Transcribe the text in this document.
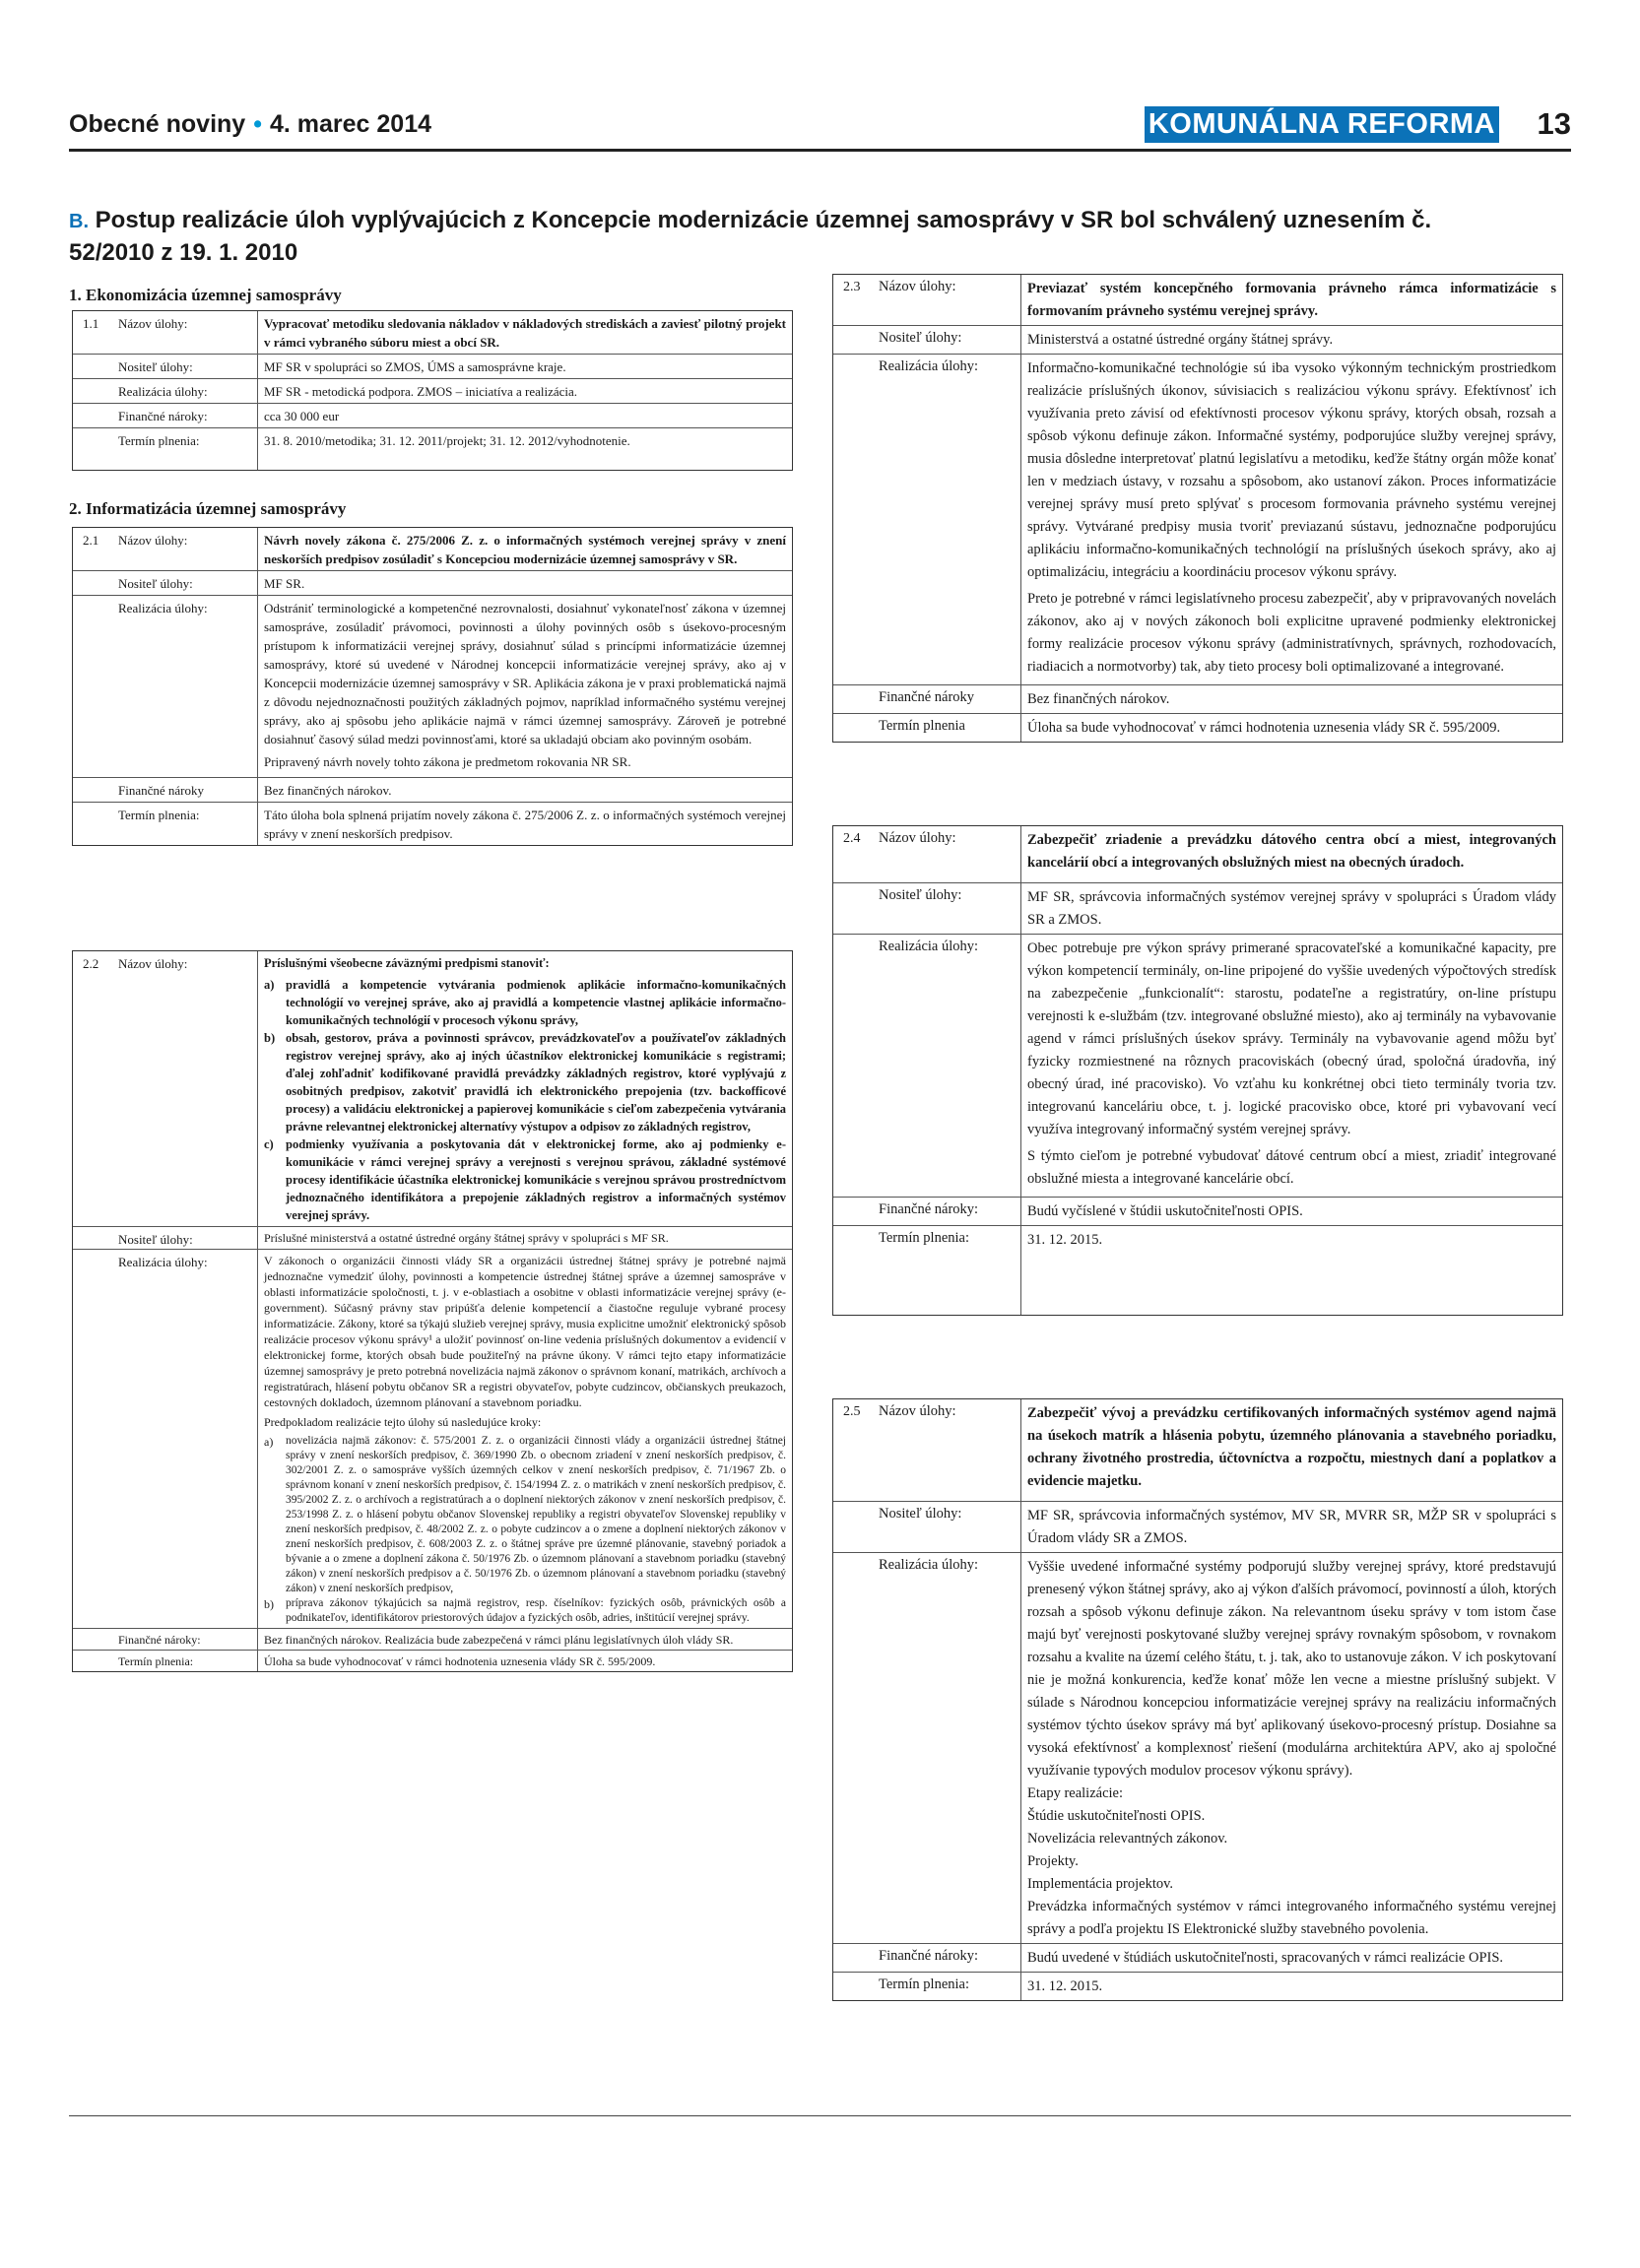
Obecné noviny • 4. marec 2014	KOMUNÁLNA REFORMA 13
B. Postup realizácie úloh vyplývajúcich z Koncepcie modernizácie územnej samosprávy v SR bol schválený uznesením č. 52/2010 z 19. 1. 2010
1. Ekonomizácia územnej samosprávy
1.1	Názov úlohy:	Vypracovať metodiku sledovania nákladov v nákladových strediskách a zaviesť pilotný projekt v rámci vybraného súboru miest a obcí SR.
Nositeľ úlohy:	MF SR v spolupráci so ZMOS, ÚMS a samosprávne kraje.
Realizácia úlohy:	MF SR - metodická podpora. ZMOS – iniciatíva a realizácia.
Finančné nároky:	cca 30 000 eur
Termín plnenia:	31. 8. 2010/metodika; 31. 12. 2011/projekt; 31. 12. 2012/vyhodnotenie.
2. Informatizácia územnej samosprávy
2.1	Názov úlohy:	Návrh novely zákona č. 275/2006 Z. z. o informačných systémoch verejnej správy v znení neskorších predpisov zosúladiť s Koncepciou modernizácie územnej samosprávy v SR.
Nositeľ úlohy:	MF SR.
Realizácia úlohy:	Odstrániť terminologické a kompetenčné nezrovnalosti, dosiahnuť vykonateľnosť zákona v územnej samospráve, zosúladiť právomoci, povinnosti a úlohy povinných osôb s úsekovo-procesným prístupom k informatizácii verejnej správy, dosiahnuť súlad s princípmi informatizácie územnej samosprávy, ktoré sú uvedené v Národnej koncepcii informatizácie verejnej správy, ako aj v Koncepcii modernizácie územnej samosprávy v SR. Aplikácia zákona je v praxi problematická najmä z dôvodu nejednoznačnosti použitých základných pojmov, napríklad informačného systému verejnej správy, ako aj spôsobu jeho aplikácie najmä v rámci územnej samosprávy. Zároveň je potrebné dosiahnuť časový súlad medzi povinnosťami, ktoré sa ukladajú obciam ako povinným osobám.

Pripravený návrh novely tohto zákona je predmetom rokovania NR SR.

Finančné nároky	Bez finančných nárokov.
Termín plnenia:	Táto úloha bola splnená prijatím novely zákona č. 275/2006 Z. z. o informačných systémoch verejnej správy v znení neskorších predpisov.
2.2	Názov úlohy:	Príslušnými všeobecne záväznými predpismi stanoviť:

a) pravidlá a kompetencie vytvárania podmienok aplikácie informačno-komunikačných technológií vo verejnej správe, ako aj pravidlá a kompetencie vlastnej aplikácie informačno-komunikačných technológií v procesoch výkonu správy,
b) obsah, gestorov, práva a povinnosti správcov, prevádzkovateľov a používateľov základných registrov verejnej správy, ako aj iných účastníkov elektronickej komunikácie s registrami; ďalej zohľadniť kodifikované pravidlá prevádzky základných registrov, ktoré vyplývajú z osobitných predpisov, zakotviť pravidlá ich elektronického prepojenia (tzv. backofficové procesy) a validáciu elektronickej a papierovej komunikácie s cieľom zabezpečenia vytvárania právne relevantnej elektronickej alternatívy výstupov a odpisov zo základných registrov,
c) podmienky využívania a poskytovania dát v elektronickej forme, ako aj podmienky e-komunikácie v rámci verejnej správy a verejnosti s verejnou správou, základné systémové procesy identifikácie účastníka elektronickej komunikácie s verejnou správou prostredníctvom jednoznačného identifikátora a prepojenie základných registrov a informačných systémov verejnej správy.
Nositeľ úlohy:	Príslušné ministerstvá a ostatné ústredné orgány štátnej správy v spolupráci s MF SR.
Realizácia úlohy:	V zákonoch o organizácii činnosti vlády SR a organizácii ústrednej štátnej správy je potrebné najmä jednoznačne vymedziť úlohy, povinnosti a kompetencie ústrednej štátnej správe a územnej samospráve v oblasti informatizácie spoločnosti, t. j. v e-oblastiach a osobitne v oblasti informatizácie verejnej správy (e-government). Súčasný právny stav pripúšťa delenie kompetencií a čiastočne reguluje vybrané procesy informatizácie. Zákony, ktoré sa týkajú služieb verejnej správy, musia explicitne umožniť elektronický spôsob realizácie procesov výkonu správy¹ a uložiť povinnosť on-line vedenia príslušných dokumentov a evidencií v elektronickej forme, ktorých obsah bude použiteľný na právne úkony. V rámci tejto etapy informatizácie územnej samosprávy je preto potrebná novelizácia najmä zákonov o správnom konaní, matrikách, archívoch a registratúrach, hlásení pobytu občanov SR a registri obyvateľov, pobyte cudzincov, občianskych preukazoch, cestovných dokladoch, územnom plánovaní a stavebnom poriadku.

Predpokladom realizácie tejto úlohy sú nasledujúce kroky:

a)	novelizácia najmä zákonov: č. 575/2001 Z. z. o organizácii činnosti vlády a organizácii ústrednej štátnej správy v znení neskorších predpisov, č. 369/1990 Zb. o obecnom zriadení v znení neskorších predpisov, č. 302/2001 Z. z. o samospráve vyšších územných celkov v znení neskorších predpisov, č. 71/1967 Zb. o správnom konaní v znení neskorších predpisov, č. 154/1994 Z. z. o matrikách v znení neskorších predpisov, č. 395/2002 Z. z. o archívoch a registratúrach a o doplnení niektorých zákonov v znení neskorších predpisov, č. 253/1998 Z. z. o hlásení pobytu občanov Slovenskej republiky a registri obyvateľov Slovenskej republiky v znení neskorších predpisov, č. 48/2002 Z. z. o pobyte cudzincov a o zmene a doplnení niektorých zákonov v znení neskorších predpisov, č. 608/2003 Z. z. o štátnej správe pre územné plánovanie, stavebný poriadok a bývanie a o zmene a doplnení zákona č. 50/1976 Zb. o územnom plánovaní a stavebnom poriadku (stavebný zákon) v znení neskorších predpisov a č. 50/1976 Zb. o územnom plánovaní a stavebnom poriadku (stavebný zákon) v znení neskorších predpisov,
b)	príprava zákonov týkajúcich sa najmä registrov, resp. číselníkov: fyzických osôb, právnických osôb a podnikateľov, identifikátorov priestorových údajov a fyzických osôb, adries, inštitúcií verejnej správy.
Finančné nároky:	Bez finančných nárokov. Realizácia bude zabezpečená v rámci plánu legislatívnych úloh vlády SR.
Termín plnenia:	Úloha sa bude vyhodnocovať v rámci hodnotenia uznesenia vlády SR č. 595/2009.
2.3	Názov úlohy:	Previazať systém koncepčného formovania právneho rámca informatizácie s formovaním právneho systému verejnej správy.
Nositeľ úlohy:	Ministerstvá a ostatné ústredné orgány štátnej správy.
Realizácia úlohy:	Informačno-komunikačné technológie sú iba vysoko výkonným technickým prostriedkom realizácie príslušných úkonov, súvisiacich s realizáciou výkonu správy. Efektívnosť ich využívania preto závisí od efektívnosti procesov výkonu správy, ktorých obsah, rozsah a spôsob výkonu definuje zákon. Informačné systémy, podporujúce služby verejnej správy, musia dôsledne interpretovať platnú legislatívu a metodiku, keďže štátny orgán môže konať len v medziach ústavy, v rozsahu a spôsobom, ako ustanoví zákon. Proces informatizácie verejnej správy musí preto splývať s procesom formovania právneho systému verejnej správy. Vytvárané predpisy musia tvoriť previazanú sústavu, jednoznačne podporujúcu aplikáciu informačno-komunikačných technológií na príslušných úsekoch správy, ako aj optimalizáciu, integráciu a koordináciu procesov výkonu správy.

Preto je potrebné v rámci legislatívneho procesu zabezpečiť, aby v pripravovaných novelách zákonov, ako aj v nových zákonoch boli explicitne upravené podmienky elektronickej formy realizácie procesov výkonu správy (administratívnych, správnych, rozhodovacích, riadiacich a normotvorby) tak, aby tieto procesy boli optimalizované a integrované.

Finančné nároky	Bez finančných nárokov.
Termín plnenia	Úloha sa bude vyhodnocovať v rámci hodnotenia uznesenia vlády SR č. 595/2009.
2.4	Názov úlohy:	Zabezpečiť zriadenie a prevádzku dátového centra obcí a miest, integrovaných kancelárií obcí a integrovaných obslužných miest na obecných úradoch.
Nositeľ úlohy:	MF SR, správcovia informačných systémov verejnej správy v spolupráci s Úradom vlády SR a ZMOS.
Realizácia úlohy:	Obec potrebuje pre výkon správy primerané spracovateľské a komunikačné kapacity, pre výkon kompetencií terminály, on-line pripojené do vyššie uvedených výpočtových stredísk na zabezpečenie „funkcionalít“: starostu, podateľne a registratúry, on-line prístupu verejnosti k e-službám (tzv. integrované obslužné miesto), ako aj terminály na vybavovanie agend v rámci príslušných úsekov správy. Terminály na vybavovanie agend môžu byť fyzicky rozmiestnené na rôznych pracoviskách (obecný úrad, spoločná úradovňa, iný obecný úrad, iné pracovisko). Vo vzťahu ku konkrétnej obci tieto terminály tvoria tzv. integrovanú kanceláriu obce, t. j. logické pracovisko obce, ktoré pri vybavovaní vecí využíva integrovaný informačný systém verejnej správy.

S týmto cieľom je potrebné vybudovať dátové centrum obcí a miest, zriadiť integrované obslužné miesta a integrované kancelárie obcí.

Finančné nároky:	Budú vyčíslené v štúdii uskutočniteľnosti OPIS.
Termín plnenia:	31. 12. 2015.
2.5	Názov úlohy:	Zabezpečiť vývoj a prevádzku certifikovaných informačných systémov agend najmä na úsekoch matrík a hlásenia pobytu, územného plánovania a stavebného poriadku, ochrany životného prostredia, účtovníctva a rozpočtu, miestnych daní a poplatkov a evidencie majetku.
Nositeľ úlohy:	MF SR, správcovia informačných systémov, MV SR, MVRR SR, MŽP SR v spolupráci s Úradom vlády SR a ZMOS.
Realizácia úlohy:	Vyššie uvedené informačné systémy podporujú služby verejnej správy, ktoré predstavujú prenesený výkon štátnej správy, ako aj výkon ďalších právomocí, povinností a úloh, ktorých rozsah a spôsob výkonu definuje zákon. Na relevantnom úseku správy v tom istom čase majú byť verejnosti poskytované služby verejnej správy rovnakým spôsobom, v rovnakom rozsahu a kvalite na území celého štátu, t. j. tak, ako to ustanovuje zákon. V ich poskytovaní nie je možná konkurencia, keďže konať môže len vecne a miestne príslušný subjekt. V súlade s Národnou koncepciou informatizácie verejnej správy na realizáciu informačných systémov týchto úsekov správy má byť aplikovaný úsekovo-procesný prístup. Dosiahne sa vysoká efektívnosť a komplexnosť riešení (modulárna architektúra APV, ako aj spoločné využívanie typových modulov procesov výkonu správy).

Etapy realizácie:
Štúdie uskutočniteľnosti OPIS.
Novelizácia relevantných zákonov.
Projekty.
Implementácia projektov.
Prevádzka informačných systémov v rámci integrovaného informačného systému verejnej správy a podľa projektu IS Elektronické služby stavebného povolenia.
Finančné nároky:	Budú uvedené v štúdiách uskutočniteľnosti, spracovaných v rámci realizácie OPIS.
Termín plnenia:	31. 12. 2015.
